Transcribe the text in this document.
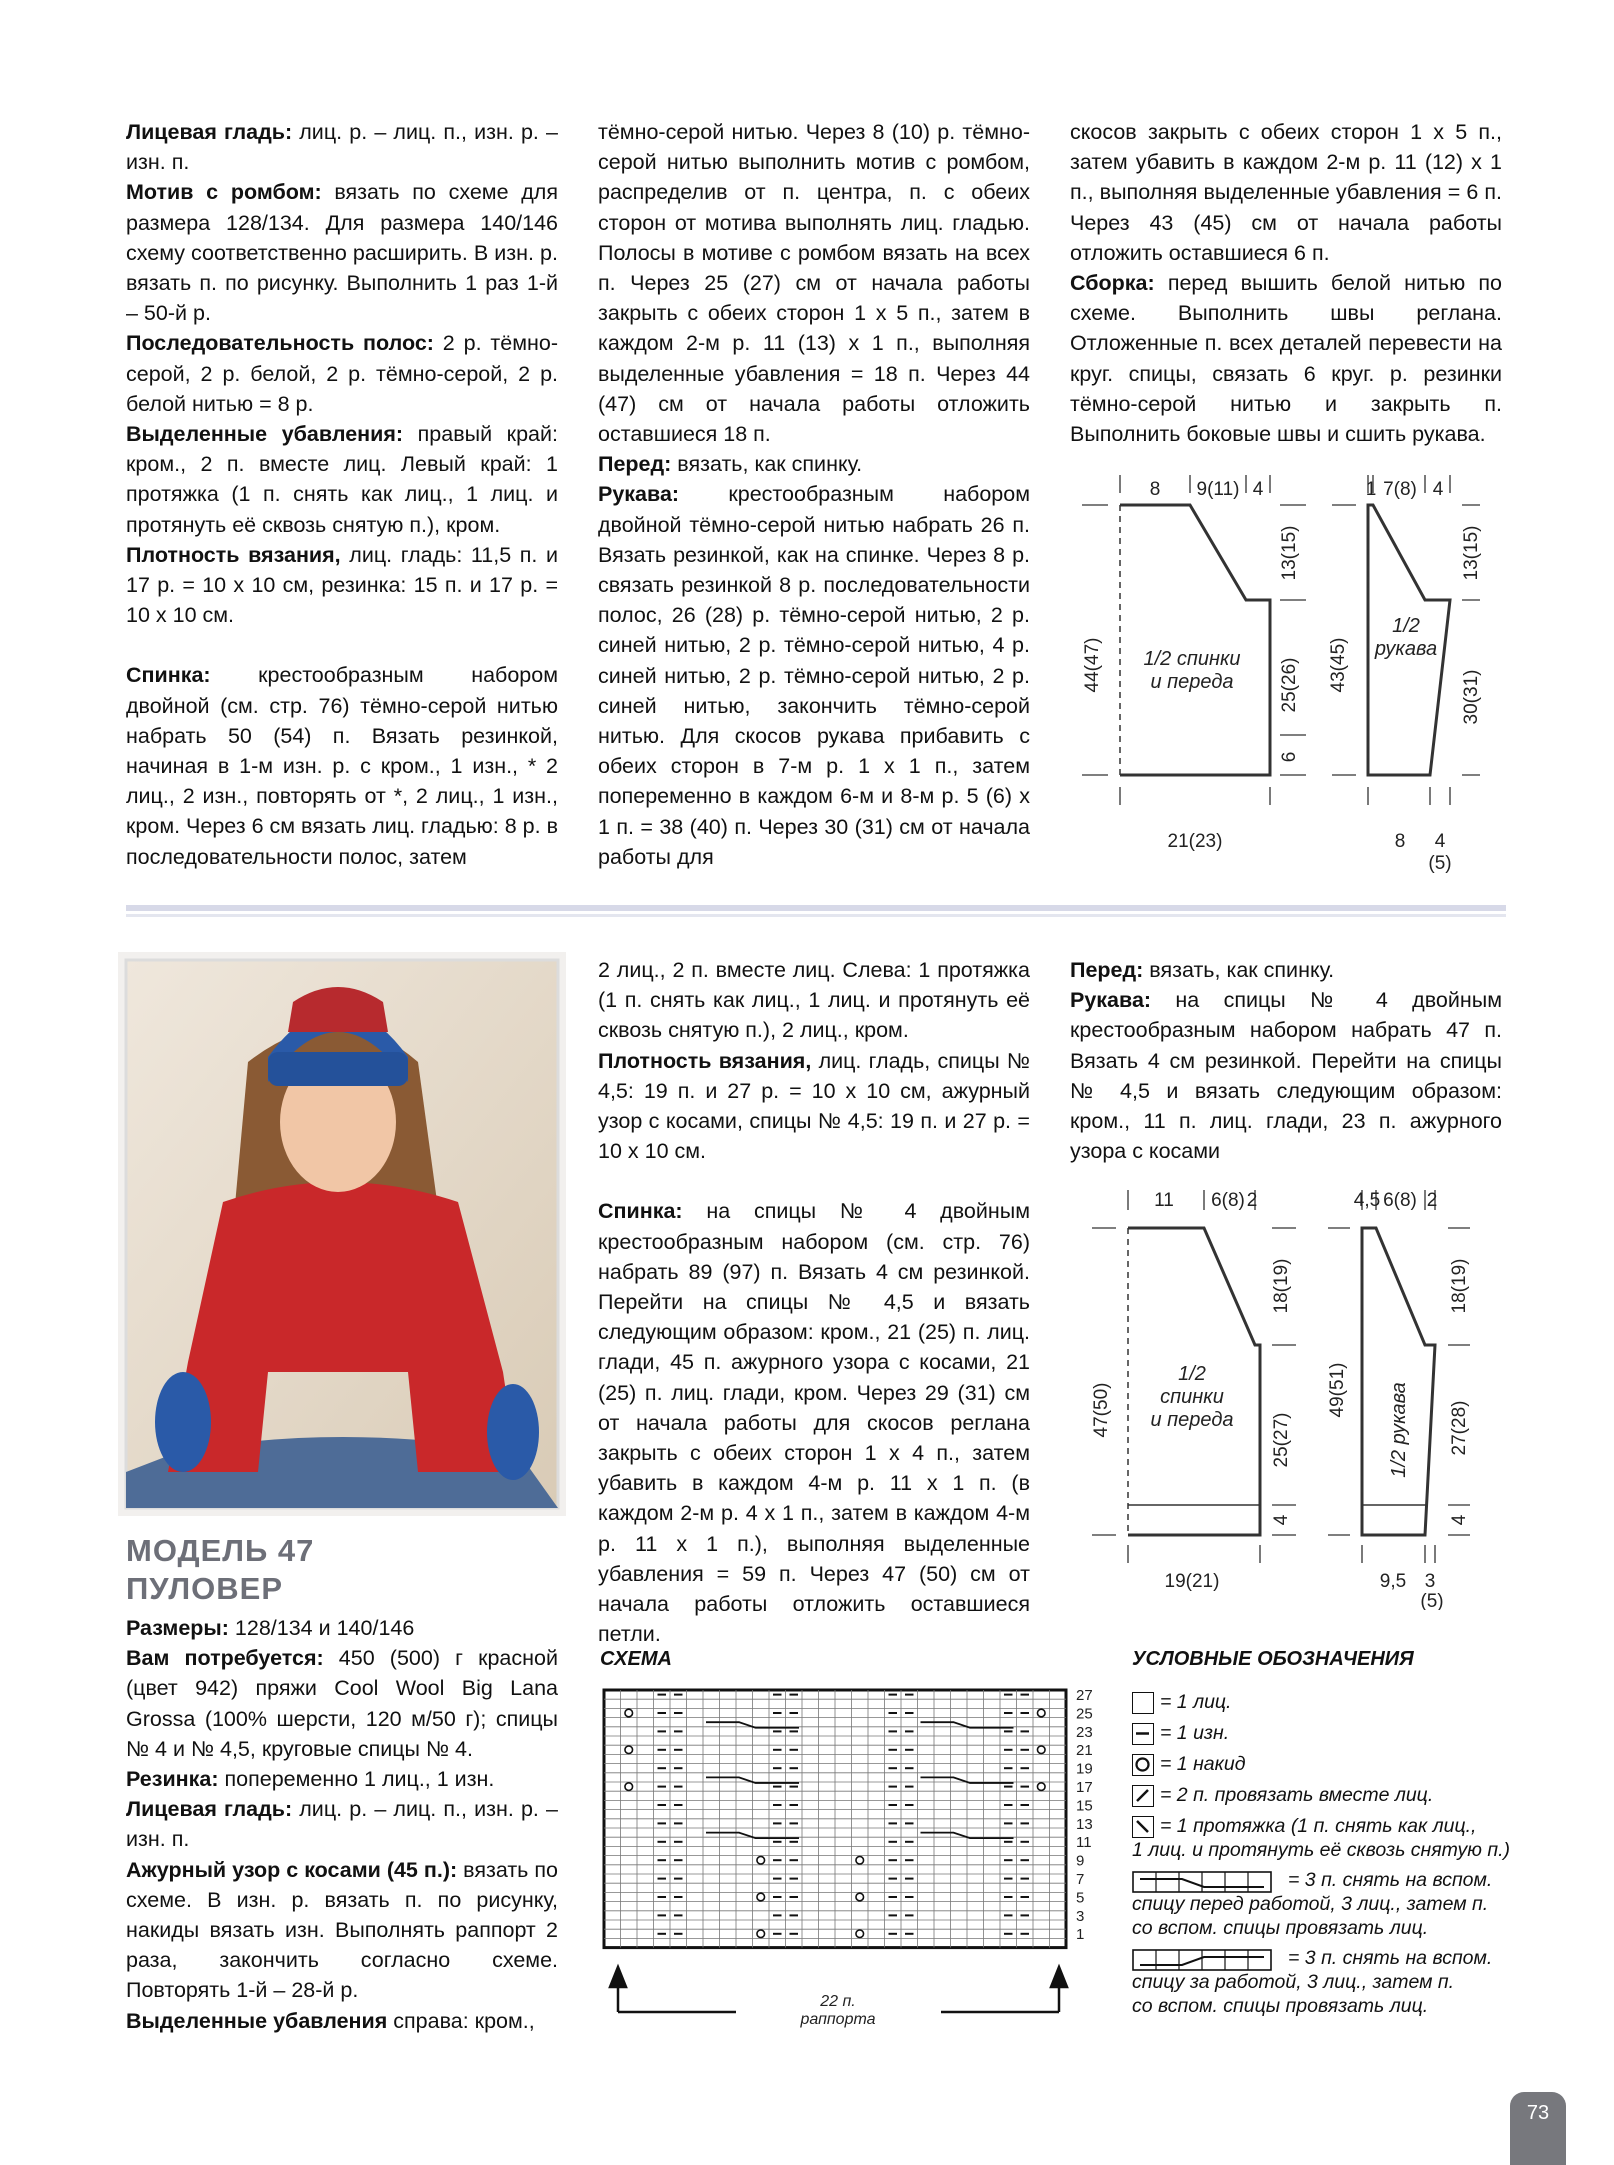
Лицевая гладь: лиц. р. – лиц. п., изн. р. – изн. п.

Мотив с ромбом: вязать по схеме для размера 128/134. Для размера 140/146 схему соответственно расширить. В изн. р. вязать п. по рисунку. Выполнить 1 раз 1-й – 50-й р.

Последовательность полос: 2 р. тёмно-серой, 2 р. белой, 2 р. тёмно-серой, 2 р. белой нитью = 8 р.

Выделенные убавления: правый край: кром., 2 п. вместе лиц. Левый край: 1 протяжка (1 п. снять как лиц., 1 лиц. и протянуть её сквозь снятую п.), кром.

Плотность вязания, лиц. гладь: 11,5 п. и 17 р. = 10 х 10 см, резинка: 15 п. и 17 р. = 10 х 10 см.

Спинка: крестообразным набором двойной (см. стр. 76) тёмно-серой нитью набрать 50 (54) п. Вязать резинкой, начиная в 1-м изн. р. с кром., 1 изн., * 2 лиц., 2 изн., повторять от *, 2 лиц., 1 изн., кром. Через 6 см вязать лиц. гладью: 8 р. в последовательности полос, затем

тёмно-серой нитью. Через 8 (10) р. тёмно-серой нитью выполнить мотив с ромбом, распределив от п. центра, п. с обеих сторон от мотива выполнять лиц. гладью. Полосы в мотиве с ромбом вязать на всех п. Через 25 (27) см от начала работы закрыть с обеих сторон 1 х 5 п., затем в каждом 2-м р. 11 (13) х 1 п., выполняя выделенные убавления = 18 п. Через 44 (47) см от начала работы отложить оставшиеся 18 п.

Перед: вязать, как спинку.

Рукава: крестообразным набором двойной тёмно-серой нитью набрать 26 п. Вязать резинкой, как на спинке. Через 8 р. связать резинкой 8 р. последовательности полос, 26 (28) р. тёмно-серой нитью, 2 р. синей нитью, 2 р. тёмно-серой нитью, 4 р. синей нитью, 2 р. тёмно-серой нитью, 2 р. синей нитью, закончить тёмно-серой нитью. Для скосов рукава прибавить с обеих сторон в 7-м р. 1 х 1 п., затем попеременно в каждом 6-м и 8-м р. 5 (6) х 1 п. = 38 (40) п. Через 30 (31) см от начала работы для

скосов закрыть с обеих сторон 1 х 5 п., затем убавить в каждом 2-м р. 11 (12) х 1 п., выполняя выделенные убавления = 6 п. Через 43 (45) см от начала работы отложить оставшиеся 6 п.

Сборка: перед вышить белой нитью по схеме. Выполнить швы реглана. Отложенные п. всех деталей перевести на круг. спицы, связать 6 круг. р. резинки тёмно-серой нитью и закрыть п. Выполнить боковые швы и сшить рукава.

8 9(11) 4
21(23)
13(15)
25(26)
6
44(47)
1 7(8) 4
13(15)
43(45)
30(31)
8 4
(5)
1/2 спинки
и переда
1/2
рукава
МОДЕЛЬ 47
ПУЛОВЕР

Размеры: 128/134 и 140/146

Вам потребуется: 450 (500) г красной (цвет 942) пряжи Cool Wool Big Lana Grossa (100% шерсти, 120 м/50 г); спицы № 4 и № 4,5, круговые спицы № 4.

Резинка: попеременно 1 лиц., 1 изн.

Лицевая гладь: лиц. р. – лиц. п., изн. р. – изн. п.

Ажурный узор с косами (45 п.): вязать по схеме. В изн. р. вязать п. по рисунку, накиды вязать изн. Выполнять раппорт 2 раза, закончить согласно схеме. Повторять 1-й – 28-й р.

Выделенные убавления справа: кром.,

2 лиц., 2 п. вместе лиц. Слева: 1 протяжка (1 п. снять как лиц., 1 лиц. и протянуть её сквозь снятую п.), 2 лиц., кром.

Плотность вязания, лиц. гладь, спицы № 4,5: 19 п. и 27 р. = 10 х 10 см, ажурный узор с косами, спицы № 4,5: 19 п. и 27 р. = 10 х 10 см.

Спинка: на спицы № 4 двойным крестообразным набором (см. стр. 76) набрать 89 (97) п. Вязать 4 см резинкой. Перейти на спицы № 4,5 и вязать следующим образом: кром., 21 (25) п. лиц. глади, 45 п. ажурного узора с косами, 21 (25) п. лиц. глади, кром. Через 29 (31) см от начала работы для скосов реглана закрыть с обеих сторон 1 х 4 п., затем убавить в каждом 4-м р. 11 х 1 п. (в каждом 2-м р. 4 х 1 п., затем в каждом 4-м р. 11 х 1 п.), выполняя выделенные убавления = 59 п. Через 47 (50) см от начала работы отложить оставшиеся петли.

Перед: вязать, как спинку.

Рукава: на спицы № 4 двойным крестообразным набором набрать 47 п. Вязать 4 см резинкой. Перейти на спицы № 4,5 и вязать следующим образом: кром., 11 п. лиц. глади, 23 п. ажурного узора с косами

11 6(8) 2
19(21)
18(19)
25(27)
4
47(50)
4,5 6(8) 2
18(19)
49(51)
27(28)
4
9,5 3
(5)
1/2
спинки
и переда	1/2 рукава
СХЕМА
27
25
23
21
19
17
15
13
11
9
7
5
3
1
22 п.
раппорта
УСЛОВНЫЕ ОБОЗНАЧЕНИЯ
= 1 лиц.
= 1 изн.
= 1 накид
= 2 п. провязать вместе лиц.
= 1 протяжка (1 п. снять как лиц.,
1 лиц. и протянуть её сквозь снятую п.)
= 3 п. снять на вспом.
спицу перед работой, 3 лиц., затем п.
со вспом. спицы провязать лиц.
= 3 п. снять на вспом.
спицу за работой, 3 лиц., затем п.
со вспом. спицы провязать лиц.
73
